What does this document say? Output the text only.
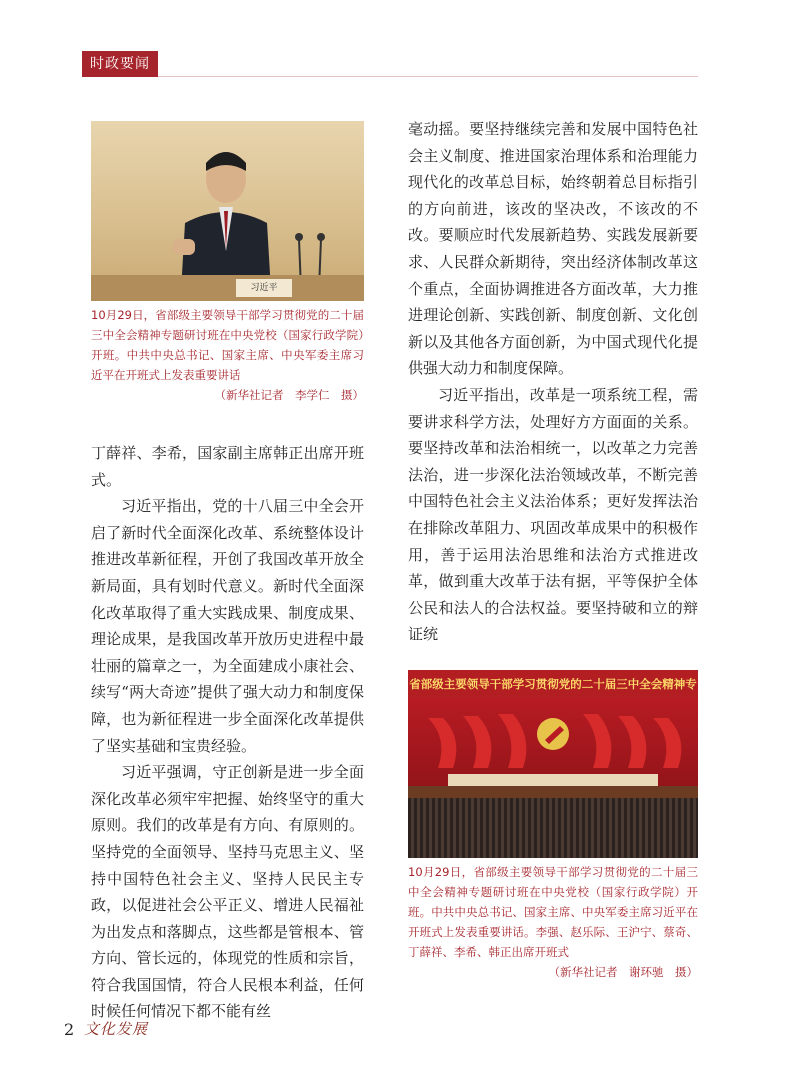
时政要闻
习近平
10月29日，省部级主要领导干部学习贯彻党的二十届三中全会精神专题研讨班在中央党校（国家行政学院）开班。中共中央总书记、国家主席、中央军委主席习近平在开班式上发表重要讲话
（新华社记者　李学仁　摄）

丁薛祥、李希，国家副主席韩正出席开班式。

习近平指出，党的十八届三中全会开启了新时代全面深化改革、系统整体设计推进改革新征程，开创了我国改革开放全新局面，具有划时代意义。新时代全面深化改革取得了重大实践成果、制度成果、理论成果，是我国改革开放历史进程中最壮丽的篇章之一，为全面建成小康社会、续写“两大奇迹”提供了强大动力和制度保障，也为新征程进一步全面深化改革提供了坚实基础和宝贵经验。

习近平强调，守正创新是进一步全面深化改革必须牢牢把握、始终坚守的重大原则。我们的改革是有方向、有原则的。坚持党的全面领导、坚持马克思主义、坚持中国特色社会主义、坚持人民民主专政，以促进社会公平正义、增进人民福祉为出发点和落脚点，这些都是管根本、管方向、管长远的，体现党的性质和宗旨，符合我国国情，符合人民根本利益，任何时候任何情况下都不能有丝

毫动摇。要坚持继续完善和发展中国特色社会主义制度、推进国家治理体系和治理能力现代化的改革总目标，始终朝着总目标指引的方向前进，该改的坚决改，不该改的不改。要顺应时代发展新趋势、实践发展新要求、人民群众新期待，突出经济体制改革这个重点，全面协调推进各方面改革，大力推进理论创新、实践创新、制度创新、文化创新以及其他各方面创新，为中国式现代化提供强大动力和制度保障。

习近平指出，改革是一项系统工程，需要讲求科学方法，处理好方方面面的关系。要坚持改革和法治相统一，以改革之力完善法治，进一步深化法治领域改革，不断完善中国特色社会主义法治体系；更好发挥法治在排除改革阻力、巩固改革成果中的积极作用，善于运用法治思维和法治方式推进改革，做到重大改革于法有据，平等保护全体公民和法人的合法权益。要坚持破和立的辩证统

省部级主要领导干部学习贯彻党的二十届三中全会精神专
10月29日，省部级主要领导干部学习贯彻党的二十届三中全会精神专题研讨班在中央党校（国家行政学院）开班。中共中央总书记、国家主席、中央军委主席习近平在开班式上发表重要讲话。李强、赵乐际、王沪宁、蔡奇、丁薛祥、李希、韩正出席开班式
（新华社记者　谢环驰　摄）
2 文化发展
